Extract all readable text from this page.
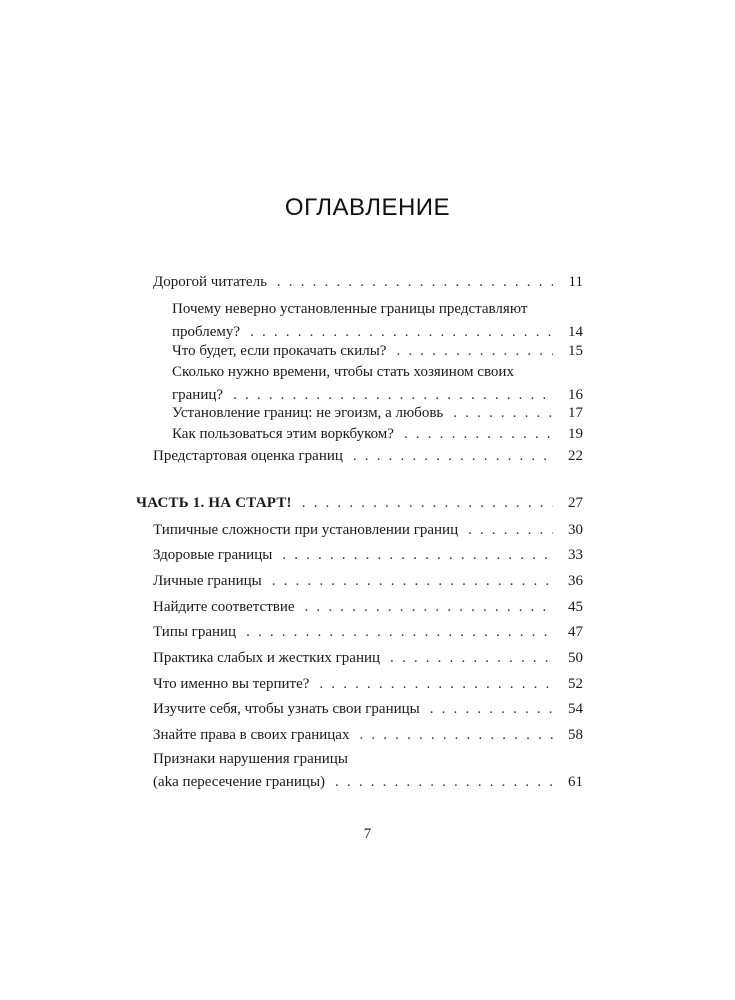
ОГЛАВЛЕНИЕ
Дорогой читатель . . .	11
Почему неверно установленные границы представляют
проблему? . . .	14
Что будет, если прокачать скилы? . . .	15
Сколько нужно времени, чтобы стать хозяином своих
границ? . . .	16
Установление границ: не эгоизм, а любовь . . .	17
Как пользоваться этим воркбуком? . . .	19
Предстартовая оценка границ . . .	22
ЧАСТЬ 1. НА СТАРТ! . . .	27
Типичные сложности при установлении границ . . .	30
Здоровые границы . . .	33
Личные границы . . .	36
Найдите соответствие . . .	45
Типы границ . . .	47
Практика слабых и жестких границ . . .	50
Что именно вы терпите? . . .	52
Изучите себя, чтобы узнать свои границы . . .	54
Знайте права в своих границах . . .	58
Признаки нарушения границы
(aka пересечение границы) . . .	61
7
